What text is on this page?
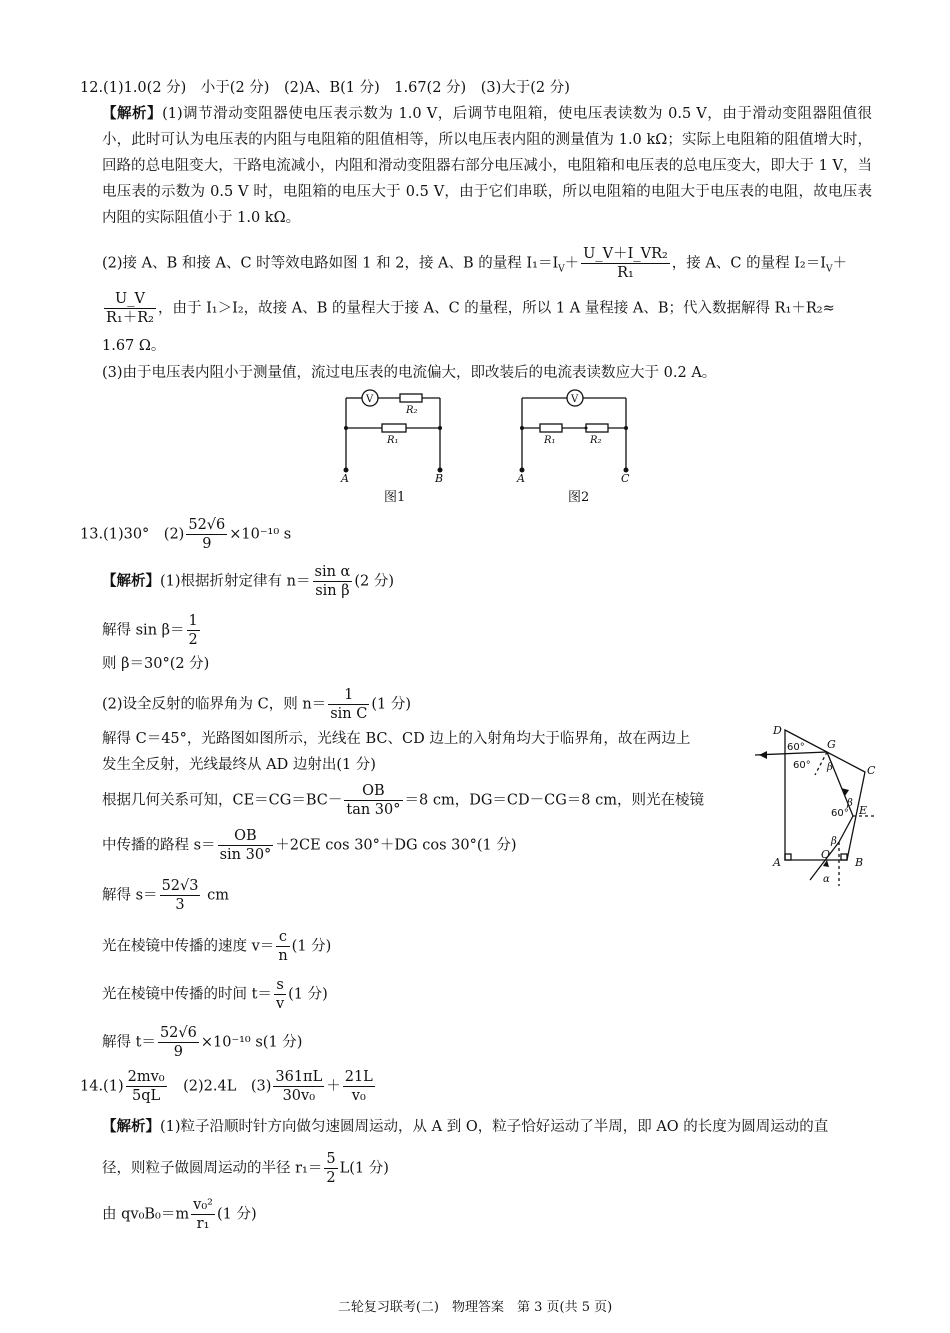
12.(1)1.0(2 分)　小于(2 分)　(2)A、B(1 分)　1.67(2 分)　(3)大于(2 分)
【解析】(1)调节滑动变阻器使电压表示数为 1.0 V，后调节电阻箱，使电压表读数为 0.5 V，由于滑动变阻器阻值很小，此时可认为电压表的内阻与电阻箱的阻值相等，所以电压表内阻的测量值为 1.0 kΩ；实际上电阻箱的阻值增大时，回路的总电阻变大，干路电流减小，内阻和滑动变阻器右部分电压减小，电阻箱和电压表的总电压变大，即大于 1 V，当电压表的示数为 0.5 V 时，电阻箱的电压大于 0.5 V，由于它们串联，所以电阻箱的电阻大于电压表的电阻，故电压表内阻的实际阻值小于 1.0 kΩ。
(2)接 A、B 和接 A、C 时等效电路如图 1 和 2，接 A、B 的量程 $I_1=I_V+ \frac{\text{U\_V＋I\_VR₂}}{\text{R₁}}$ ，接 A、C 的量程 $I_2=I_V+$
$\frac{U\_V}{\text{R₁＋R₂}}$ ，由于 I₁＞I₂，故接 A、B 的量程大于接 A、C 的量程，所以 1 A 量程接 A、B；代入数据解得 R₁＋R₂≈
1.67 Ω。
(3)由于电压表内阻小于测量值，流过电压表的电流偏大，即改装后的电流表读数应大于 0.2 A。
V	V
R₂
R₁	R₁	R₂
A	B	A	C
图1	图2
13.(1)30°　$(2) \frac{52√6}{9} \times 10^{-10}$ s
【解析】(1)根据折射定律有 $n= \frac{\text{sin α}}{\text{sin β}} (2$ 分)
解得 $\sin \beta= \frac{1}{2}$
则 β＝30°(2 分)
(2)设全反射的临界角为 C，则 $n= \frac{1}{\text{sin C}} (1$ 分)
解得 C＝45°，光路图如图所示，光线在 BC、CD 边上的入射角均大于临界角，故在两边上
发生全反射，光线最终从 AD 边射出(1 分)
根据几何关系可知，$CE=CG=BC- \frac{OB}{\tan 30^\circ} =8$ cm，DG＝CD－CG＝8 cm，则光在棱镜
中传播的路程 $s= \frac{OB}{\sin 30^\circ} +2CE$ cos 30°＋DG cos 30°(1 分)
解得 $s= \frac{52√3}{3}$ cm
光在棱镜中传播的速度 $v= \frac{c}{n} (1$ 分)
光在棱镜中传播的时间 $t= \frac{s}{v} (1$ 分)
解得 $t= \frac{52√6}{9} \times 10^{-10}$ s(1 分)
D
G
C
E
A	B
O
β
β
β
α
60°
60°
60°
$14.(1) \frac{\text{2mv₀}}{5qL}$ 　(2)2.4L　$(3) \frac{361\pi L}{\text{30v₀}} + \frac{21L}{\text{v₀}}$
【解析】(1)粒子沿顺时针方向做匀速圆周运动，从 A 到 O，粒子恰好运动了半周，即 AO 的长度为圆周运动的直
径，则粒子做圆周运动的半径 $r_1= \frac{5}{2} L(1$ 分)
由 $qv_0B_0=m \frac{\text{v₀²}}{\text{r₁}} (1$ 分)
二轮复习联考(二)　物理答案　第 3 页(共 5 页)
